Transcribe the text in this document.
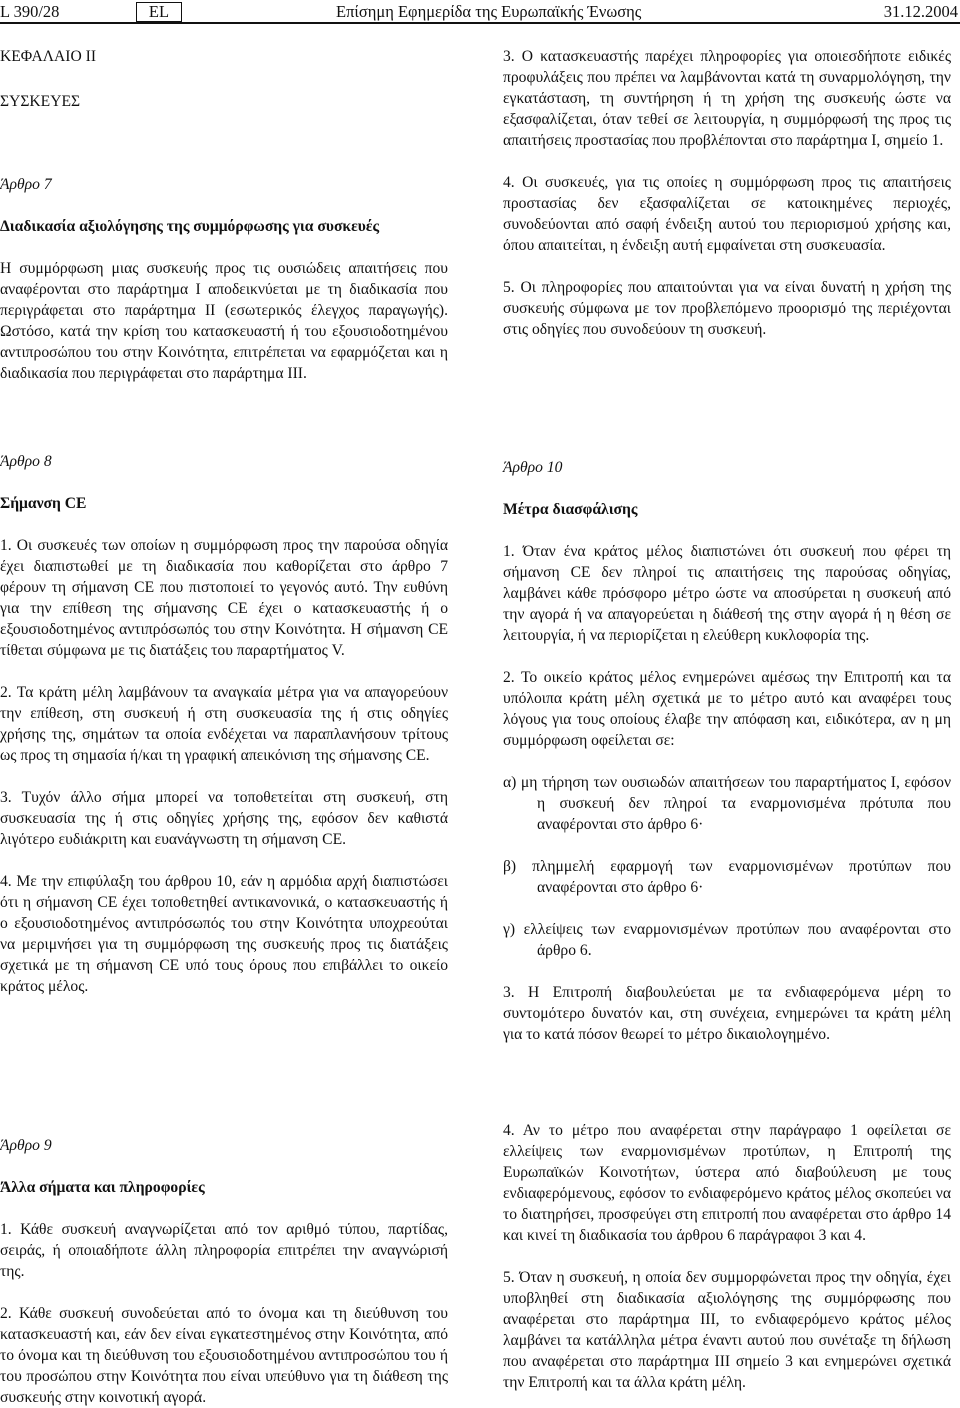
L 390/28	EL	Επίσημη Εφημερίδα της Ευρωπαϊκής Ένωσης	31.12.2004

ΚΕΦΑΛΑΙΟ II

ΣΥΣΚΕΥΕΣ

Άρθρο 7

Διαδικασία αξιολόγησης της συμμόρφωσης για συσκευές

Η συμμόρφωση μιας συσκευής προς τις ουσιώδεις απαιτήσεις που αναφέρονται στο παράρτημα I αποδεικνύεται με τη διαδικασία που περιγράφεται στο παράρτημα II (εσωτερικός έλεγχος παραγωγής). Ωστόσο, κατά την κρίση του κατασκευαστή ή του εξουσιοδοτημένου αντιπροσώπου του στην Κοινότητα, επιτρέπεται να εφαρμόζεται και η διαδικασία που περιγράφεται στο παράρτημα III.

Άρθρο 8

Σήμανση CE

1. Οι συσκευές των οποίων η συμμόρφωση προς την παρούσα οδηγία έχει διαπιστωθεί με τη διαδικασία που καθορίζεται στο άρθρο 7 φέρουν τη σήμανση CE που πιστοποιεί το γεγονός αυτό. Την ευθύνη για την επίθεση της σήμανσης CE έχει ο κατασκευαστής ή ο εξουσιοδοτημένος αντιπρόσωπός του στην Κοινότητα. Η σήμανση CE τίθεται σύμφωνα με τις διατάξεις του παραρτήματος V.

2. Τα κράτη μέλη λαμβάνουν τα αναγκαία μέτρα για να απαγορεύουν την επίθεση, στη συσκευή ή στη συσκευασία της ή στις οδηγίες χρήσης της, σημάτων τα οποία ενδέχεται να παραπλανήσουν τρίτους ως προς τη σημασία ή/και τη γραφική απεικόνιση της σήμανσης CE.

3. Τυχόν άλλο σήμα μπορεί να τοποθετείται στη συσκευή, στη συσκευασία της ή στις οδηγίες χρήσης της, εφόσον δεν καθιστά λιγότερο ευδιάκριτη και ευανάγνωστη τη σήμανση CE.

4. Με την επιφύλαξη του άρθρου 10, εάν η αρμόδια αρχή διαπιστώσει ότι η σήμανση CE έχει τοποθετηθεί αντικανονικά, ο κατασκευαστής ή ο εξουσιοδοτημένος αντιπρόσωπός του στην Κοινότητα υποχρεούται να μεριμνήσει για τη συμμόρφωση της συσκευής προς τις διατάξεις σχετικά με τη σήμανση CE υπό τους όρους που επιβάλλει το οικείο κράτος μέλος.

Άρθρο 9

Άλλα σήματα και πληροφορίες

1. Κάθε συσκευή αναγνωρίζεται από τον αριθμό τύπου, παρτίδας, σειράς, ή οποιαδήποτε άλλη πληροφορία επιτρέπει την αναγνώρισή της.

2. Κάθε συσκευή συνοδεύεται από το όνομα και τη διεύθυνση του κατασκευαστή και, εάν δεν είναι εγκατεστημένος στην Κοινότητα, από το όνομα και τη διεύθυνση του εξουσιοδοτημένου αντιπροσώπου του ή του προσώπου στην Κοινότητα που είναι υπεύθυνο για τη διάθεση της συσκευής στην κοινοτική αγορά.

3. Ο κατασκευαστής παρέχει πληροφορίες για οποιεσδήποτε ειδικές προφυλάξεις που πρέπει να λαμβάνονται κατά τη συναρμολόγηση, την εγκατάσταση, τη συντήρηση ή τη χρήση της συσκευής ώστε να εξασφαλίζεται, όταν τεθεί σε λειτουργία, η συμμόρφωσή της προς τις απαιτήσεις προστασίας που προβλέπονται στο παράρτημα I, σημείο 1.

4. Οι συσκευές, για τις οποίες η συμμόρφωση προς τις απαιτήσεις προστασίας δεν εξασφαλίζεται σε κατοικημένες περιοχές, συνοδεύονται από σαφή ένδειξη αυτού του περιορισμού χρήσης και, όπου απαιτείται, η ένδειξη αυτή εμφαίνεται στη συσκευασία.

5. Οι πληροφορίες που απαιτούνται για να είναι δυνατή η χρήση της συσκευής σύμφωνα με τον προβλεπόμενο προορισμό της περιέχονται στις οδηγίες που συνοδεύουν τη συσκευή.

Άρθρο 10

Μέτρα διασφάλισης

1. Όταν ένα κράτος μέλος διαπιστώνει ότι συσκευή που φέρει τη σήμανση CE δεν πληροί τις απαιτήσεις της παρούσας οδηγίας, λαμβάνει κάθε πρόσφορο μέτρο ώστε να αποσύρεται η συσκευή από την αγορά ή να απαγορεύεται η διάθεσή της στην αγορά ή η θέση σε λειτουργία, ή να περιορίζεται η ελεύθερη κυκλοφορία της.

2. Το οικείο κράτος μέλος ενημερώνει αμέσως την Επιτροπή και τα υπόλοιπα κράτη μέλη σχετικά με το μέτρο αυτό και αναφέρει τους λόγους για τους οποίους έλαβε την απόφαση και, ειδικότερα, αν η μη συμμόρφωση οφείλεται σε:

α) μη τήρηση των ουσιωδών απαιτήσεων του παραρτήματος I, εφόσον η συσκευή δεν πληροί τα εναρμονισμένα πρότυπα που αναφέρονται στο άρθρο 6·

β) πλημμελή εφαρμογή των εναρμονισμένων προτύπων που αναφέρονται στο άρθρο 6·

γ) ελλείψεις των εναρμονισμένων προτύπων που αναφέρονται στο άρθρο 6.

3. Η Επιτροπή διαβουλεύεται με τα ενδιαφερόμενα μέρη το συντομότερο δυνατόν και, στη συνέχεια, ενημερώνει τα κράτη μέλη για το κατά πόσον θεωρεί το μέτρο δικαιολογημένο.

4. Αν το μέτρο που αναφέρεται στην παράγραφο 1 οφείλεται σε ελλείψεις των εναρμονισμένων προτύπων, η Επιτροπή της Ευρωπαϊκών Κοινοτήτων, ύστερα από διαβούλευση με τους ενδιαφερόμενους, εφόσον το ενδιαφερόμενο κράτος μέλος σκοπεύει να το διατηρήσει, προσφεύγει στη επιτροπή που αναφέρεται στο άρθρο 14 και κινεί τη διαδικασία του άρθρου 6 παράγραφοι 3 και 4.

5. Όταν η συσκευή, η οποία δεν συμμορφώνεται προς την οδηγία, έχει υποβληθεί στη διαδικασία αξιολόγησης της συμμόρφωσης που αναφέρεται στο παράρτημα III, το ενδιαφερόμενο κράτος μέλος λαμβάνει τα κατάλληλα μέτρα έναντι αυτού που συνέταξε τη δήλωση που αναφέρεται στο παράρτημα III σημείο 3 και ενημερώνει σχετικά την Επιτροπή και τα άλλα κράτη μέλη.
